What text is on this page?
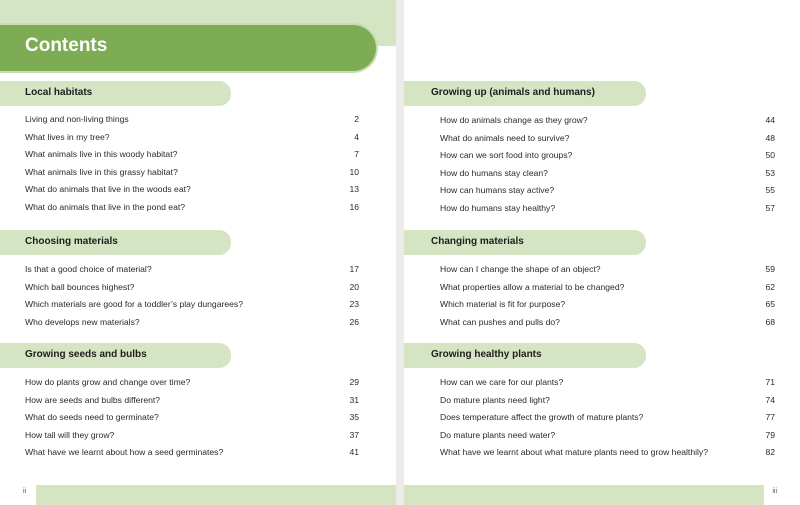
Contents
Local habitats
Living and non-living things	2
What lives in my tree?	4
What animals live in this woody habitat?	7
What animals live in this grassy habitat?	10
What do animals that live in the woods eat?	13
What do animals that live in the pond eat?	16
Choosing materials
Is that a good choice of material?	17
Which ball bounces highest?	20
Which materials are good for a toddler’s play dungarees?	23
Who develops new materials?	26
Growing seeds and bulbs
How do plants grow and change over time?	29
How are seeds and bulbs different?	31
What do seeds need to germinate?	35
How tall will they grow?	37
What have we learnt about how a seed germinates?	41
ii
Growing up (animals and humans)
How do animals change as they grow?	44
What do animals need to survive?	48
How can we sort food into groups?	50
How do humans stay clean?	53
How can humans stay active?	55
How do humans stay healthy?	57
Changing materials
How can I change the shape of an object?	59
What properties allow a material to be changed?	62
Which material is fit for purpose?	65
What can pushes and pulls do?	68
Growing healthy plants
How can we care for our plants?	71
Do mature plants need light?	74
Does temperature affect the growth of mature plants?	77
Do mature plants need water?	79
What have we learnt about what mature plants need to grow healthily?	82
iii
